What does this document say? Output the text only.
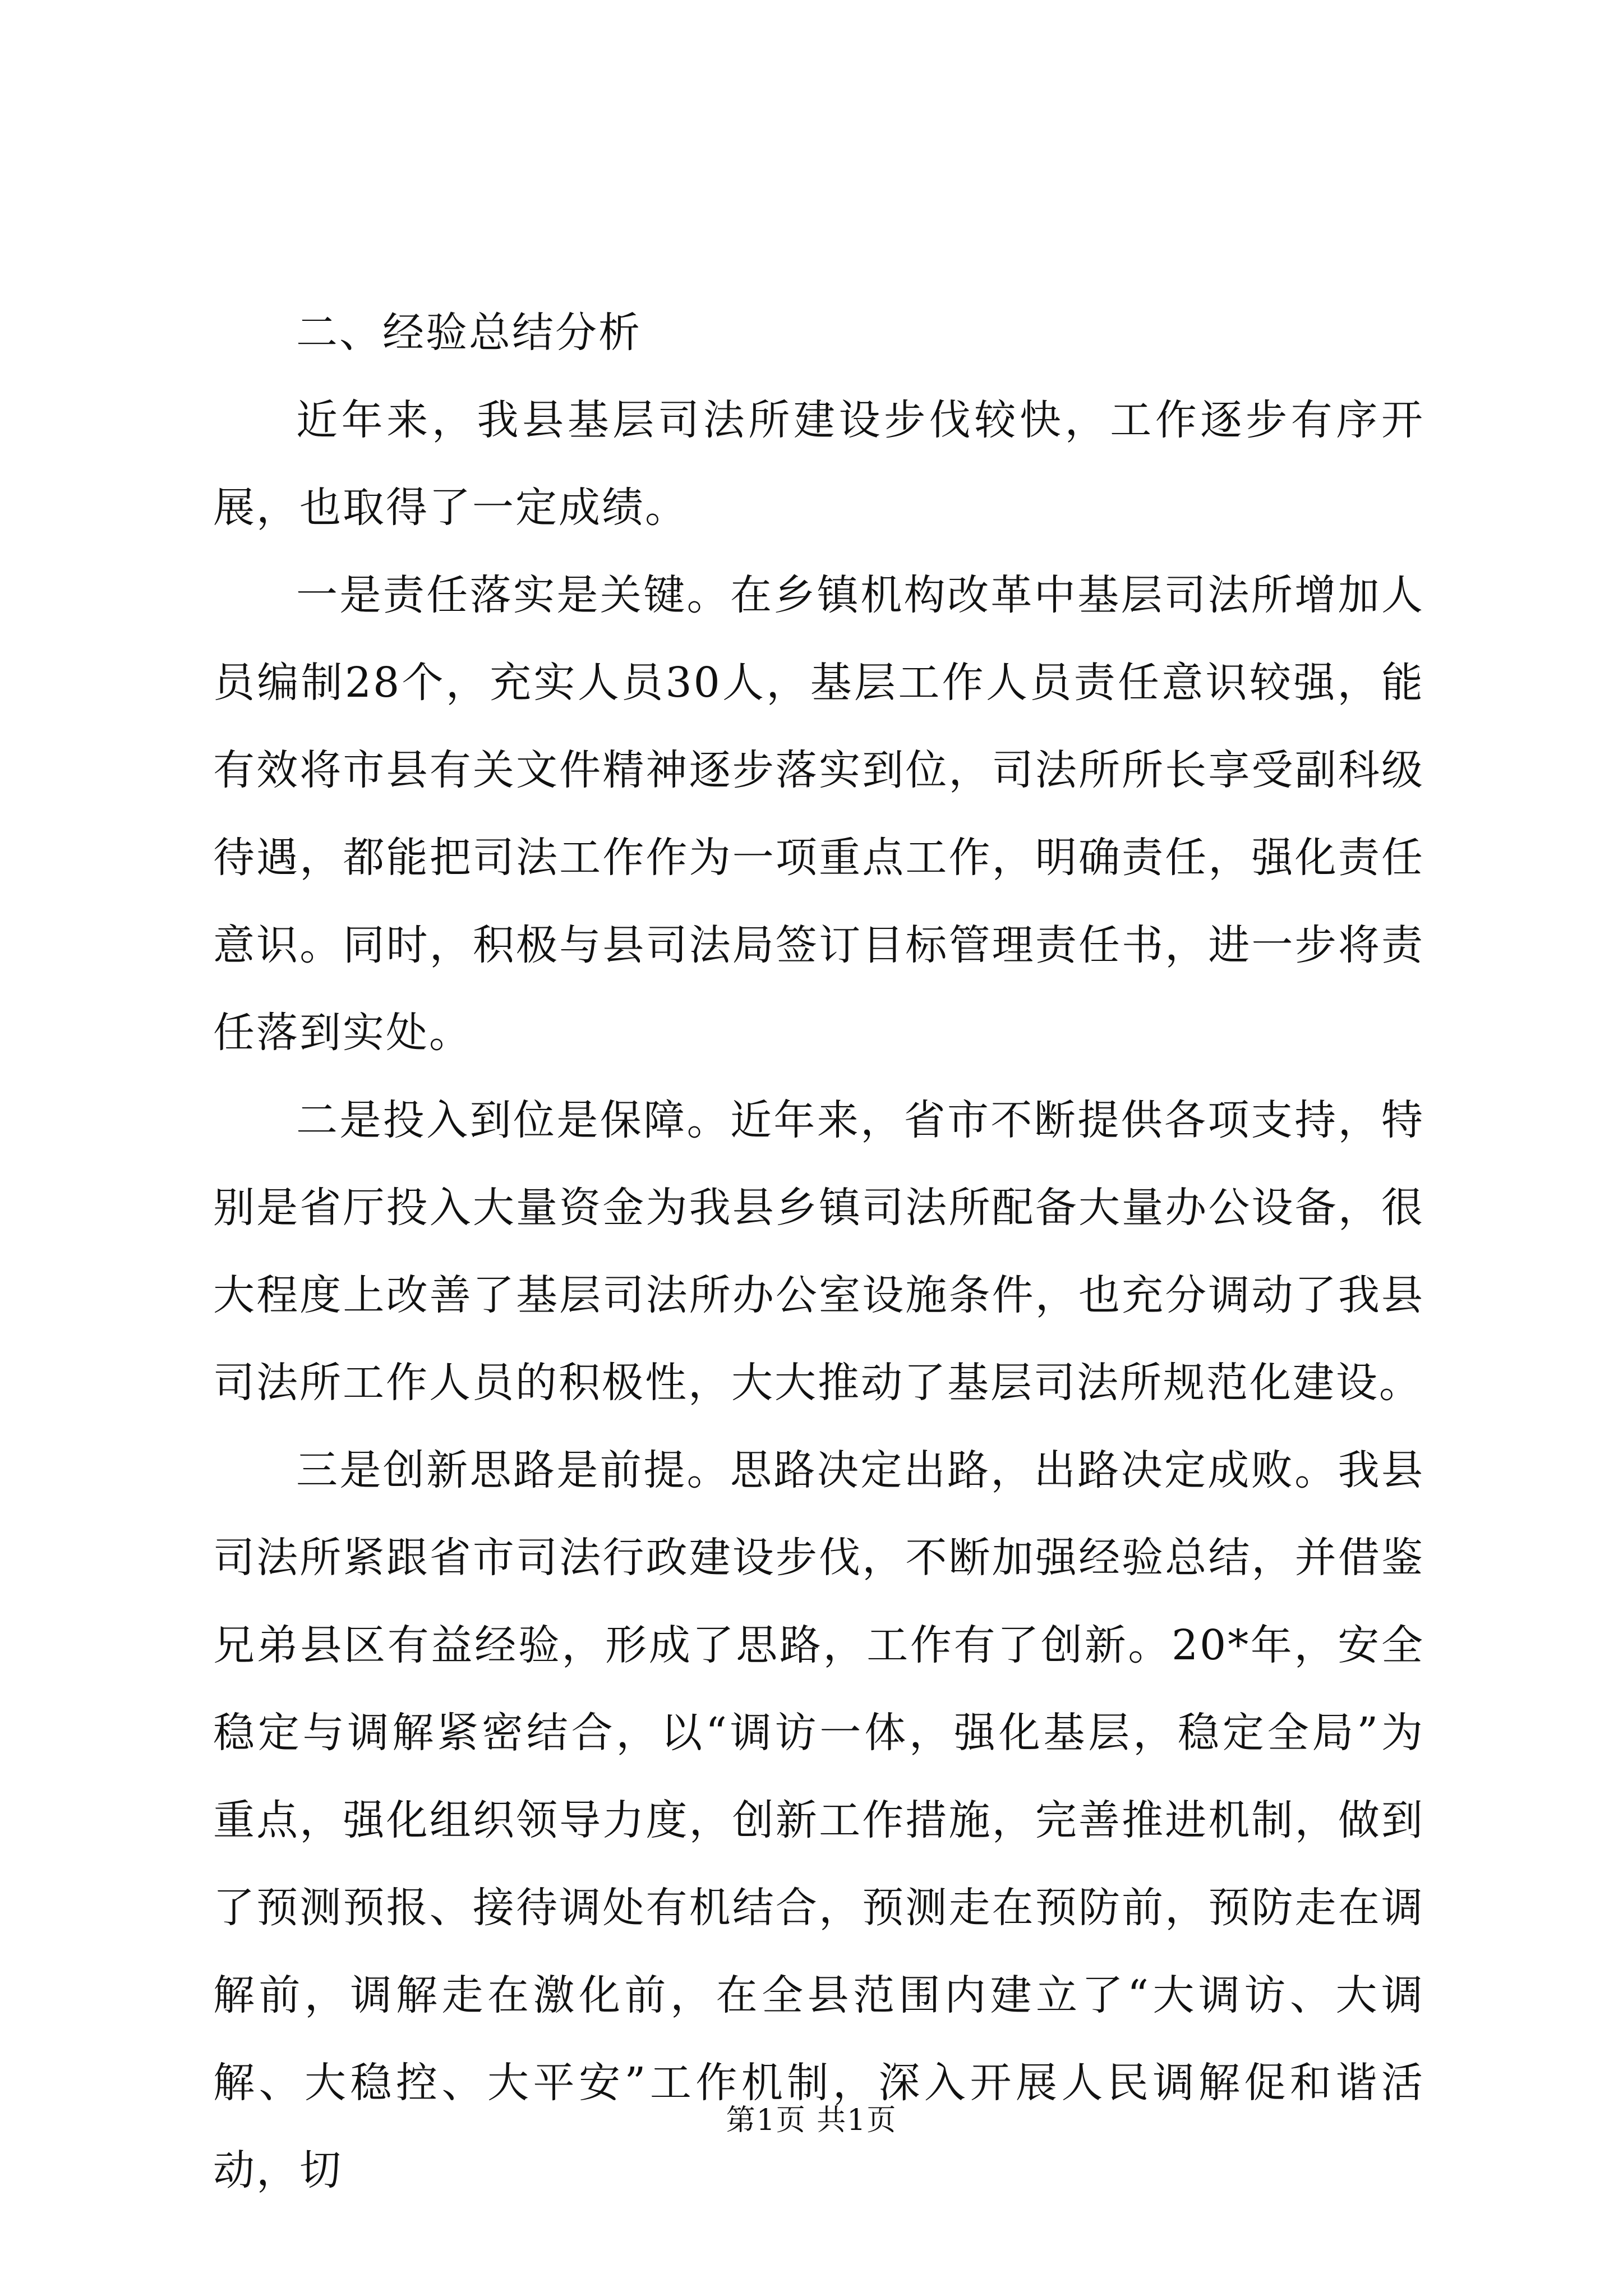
二、经验总结分析

近年来，我县基层司法所建设步伐较快，工作逐步有序开展，也取得了一定成绩。

一是责任落实是关键。在乡镇机构改革中基层司法所增加人员编制28个，充实人员30人，基层工作人员责任意识较强，能有效将市县有关文件精神逐步落实到位，司法所所长享受副科级待遇，都能把司法工作作为一项重点工作，明确责任，强化责任意识。同时，积极与县司法局签订目标管理责任书，进一步将责任落到实处。

二是投入到位是保障。近年来，省市不断提供各项支持，特别是省厅投入大量资金为我县乡镇司法所配备大量办公设备，很大程度上改善了基层司法所办公室设施条件，也充分调动了我县司法所工作人员的积极性，大大推动了基层司法所规范化建设。

三是创新思路是前提。思路决定出路，出路决定成败。我县司法所紧跟省市司法行政建设步伐，不断加强经验总结，并借鉴兄弟县区有益经验，形成了思路，工作有了创新。20*年，安全稳定与调解紧密结合，以“调访一体，强化基层，稳定全局”为重点，强化组织领导力度，创新工作措施，完善推进机制，做到了预测预报、接待调处有机结合，预测走在预防前，预防走在调解前，调解走在激化前，在全县范围内建立了“大调访、大调解、大稳控、大平安”工作机制，深入开展人民调解促和谐活动，切

第1页 共1页
